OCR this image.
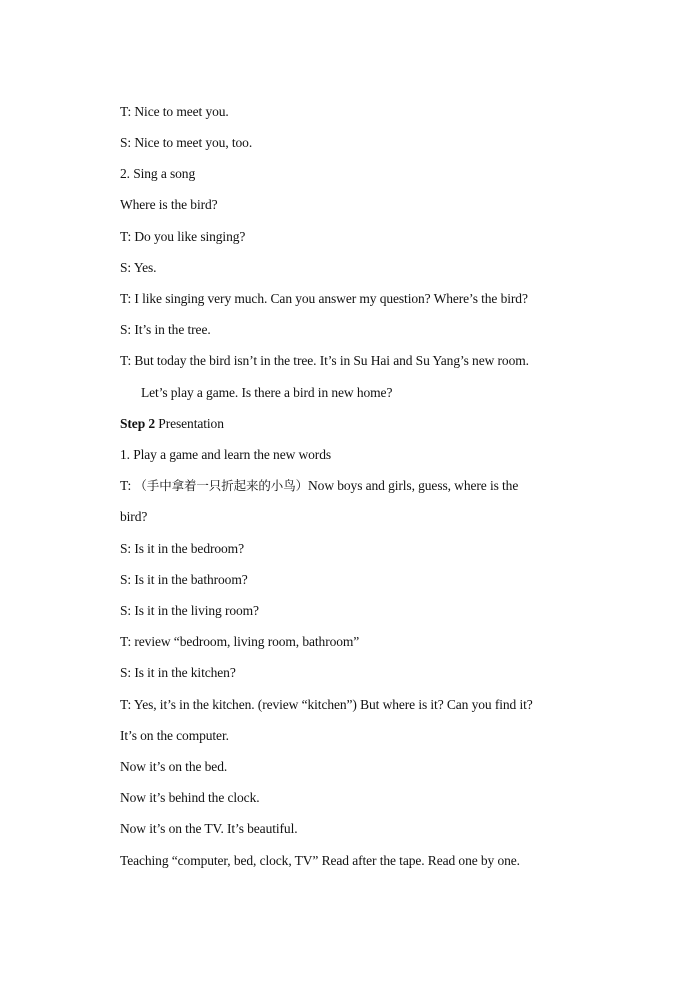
T: Nice to meet you.
S: Nice to meet you, too.
2. Sing a song
Where is the bird?
T: Do you like singing?
S: Yes.
T: I like singing very much. Can you answer my question? Where’s the bird?
S: It’s in the tree.
T: But today the bird isn’t in the tree. It’s in Su Hai and Su Yang’s new room.
Let’s play a game. Is there a bird in new home?
Step 2 Presentation
1. Play a game and learn the new words
T: （手中拿着一只折起来的小鸟）Now boys and girls, guess, where is the
bird?
S: Is it in the bedroom?
S: Is it in the bathroom?
S: Is it in the living room?
T: review “bedroom, living room, bathroom”
S: Is it in the kitchen?
T: Yes, it’s in the kitchen. (review “kitchen”) But where is it? Can you find it?
It’s on the computer.
Now it’s on the bed.
Now it’s behind the clock.
Now it’s on the TV. It’s beautiful.
Teaching “computer, bed, clock, TV” Read after the tape. Read one by one.
